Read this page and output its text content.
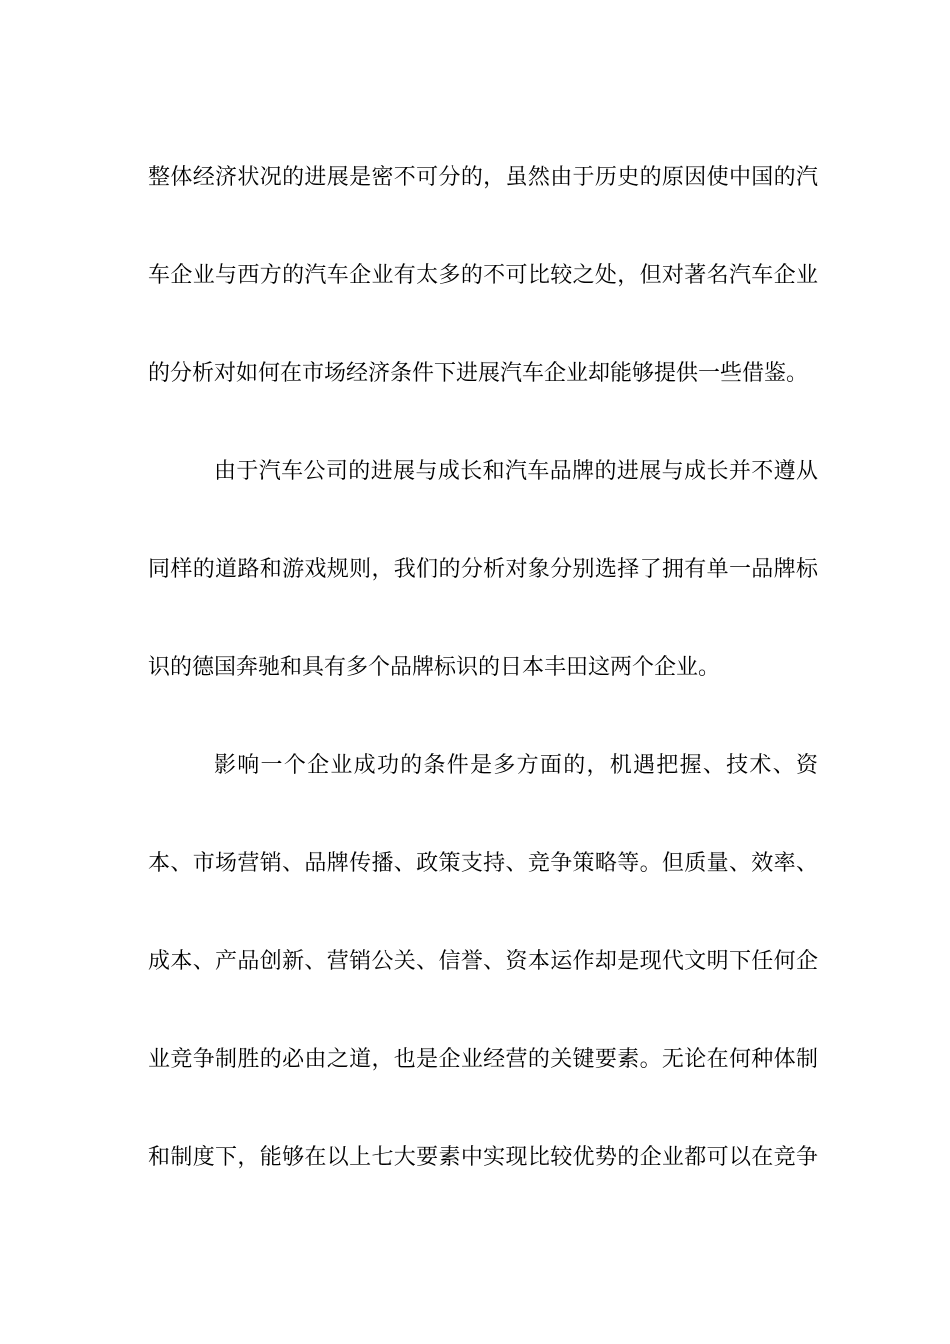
整体经济状况的进展是密不可分的，虽然由于历史的原因使中国的汽
车企业与西方的汽车企业有太多的不可比较之处，但对著名汽车企业
的分析对如何在市场经济条件下进展汽车企业却能够提供一些借鉴。
由于汽车公司的进展与成长和汽车品牌的进展与成长并不遵从
同样的道路和游戏规则，我们的分析对象分别选择了拥有单一品牌标
识的德国奔驰和具有多个品牌标识的日本丰田这两个企业。
影响一个企业成功的条件是多方面的，机遇把握、技术、资
本、市场营销、品牌传播、政策支持、竞争策略等。但质量、效率、
成本、产品创新、营销公关、信誉、资本运作却是现代文明下任何企
业竞争制胜的必由之道，也是企业经营的关键要素。无论在何种体制
和制度下，能够在以上七大要素中实现比较优势的企业都可以在竞争
